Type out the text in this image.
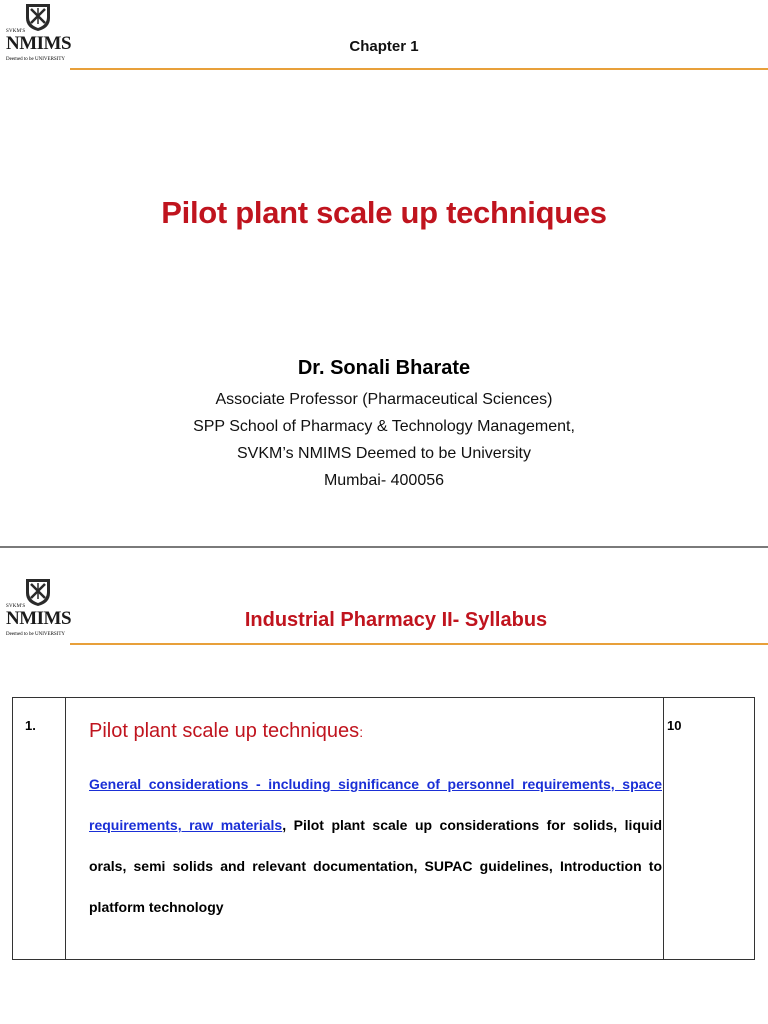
SVKM'S
NMIMS
Deemed to be UNIVERSITY
Chapter 1
Pilot plant scale up techniques
Dr. Sonali Bharate
Associate Professor (Pharmaceutical Sciences)
SPP School of Pharmacy & Technology Management,
SVKM’s NMIMS Deemed to be University
Mumbai- 400056
SVKM'S
NMIMS
Deemed to be UNIVERSITY
Industrial Pharmacy II- Syllabus
1.	10
Pilot plant scale up techniques:
General considerations - including significance of personnel requirements, space requirements, raw materials, Pilot plant scale up considerations for solids, liquid orals, semi solids and relevant documentation, SUPAC guidelines, Introduction to platform technology
